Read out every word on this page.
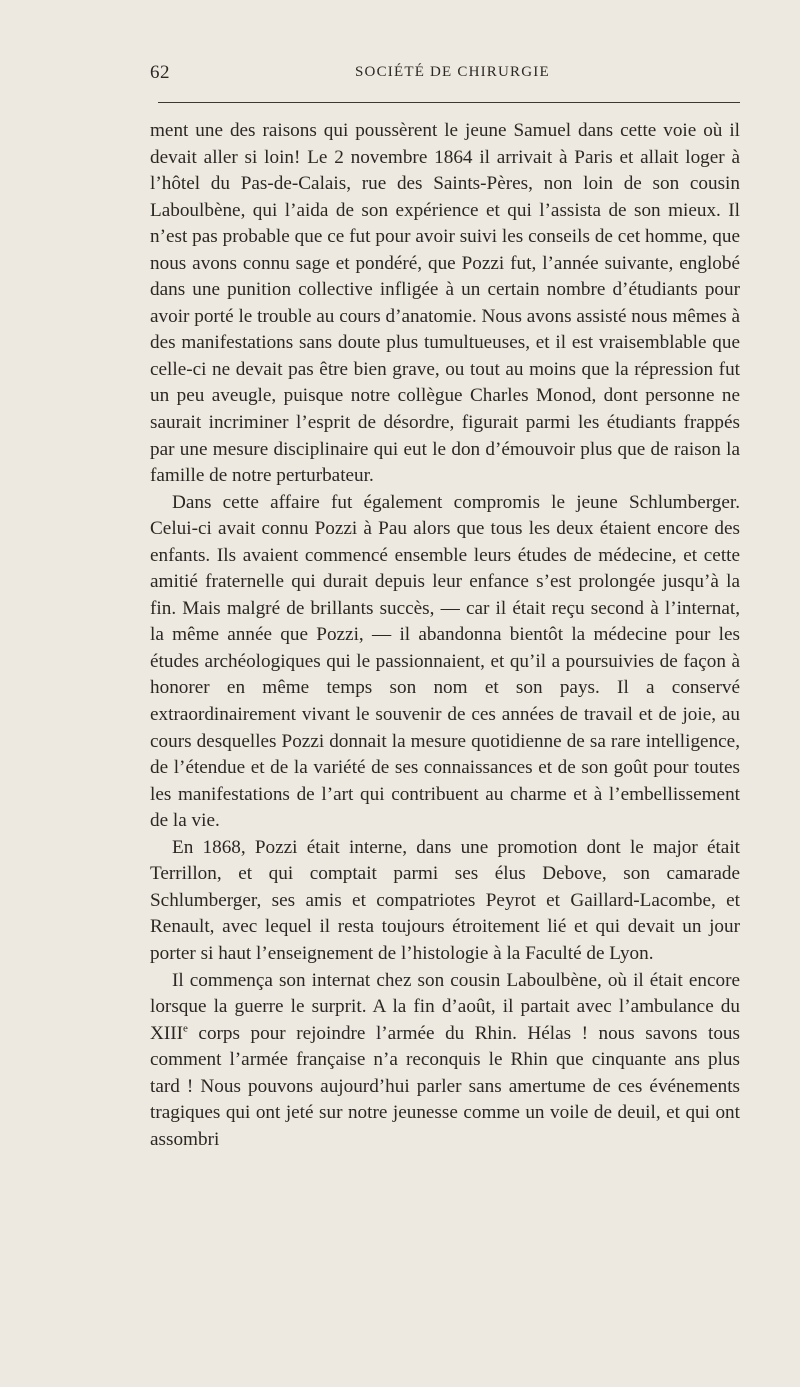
62	SOCIÉTÉ DE CHIRURGIE

ment une des raisons qui poussèrent le jeune Samuel dans cette voie où il devait aller si loin! Le 2 novembre 1864 il arrivait à Paris et allait loger à l’hôtel du Pas-de-Calais, rue des Saints-Pères, non loin de son cousin Laboulbène, qui l’aida de son expérience et qui l’assista de son mieux. Il n’est pas probable que ce fut pour avoir suivi les conseils de cet homme, que nous avons connu sage et pondéré, que Pozzi fut, l’année suivante, englobé dans une punition collective infligée à un certain nombre d’étudiants pour avoir porté le trouble au cours d’anatomie. Nous avons assisté nous mêmes à des manifestations sans doute plus tumultueuses, et il est vraisemblable que celle-ci ne devait pas être bien grave, ou tout au moins que la répression fut un peu aveugle, puisque notre collègue Charles Monod, dont personne ne saurait incriminer l’esprit de désordre, figurait parmi les étudiants frappés par une mesure disciplinaire qui eut le don d’émouvoir plus que de raison la famille de notre perturbateur.

Dans cette affaire fut également compromis le jeune Schlumberger. Celui-ci avait connu Pozzi à Pau alors que tous les deux étaient encore des enfants. Ils avaient commencé ensemble leurs études de médecine, et cette amitié fraternelle qui durait depuis leur enfance s’est prolongée jusqu’à la fin. Mais malgré de brillants succès, — car il était reçu second à l’internat, la même année que Pozzi, — il abandonna bientôt la médecine pour les études archéologiques qui le passionnaient, et qu’il a poursuivies de façon à honorer en même temps son nom et son pays. Il a conservé extraordinairement vivant le souvenir de ces années de travail et de joie, au cours desquelles Pozzi donnait la mesure quotidienne de sa rare intelligence, de l’étendue et de la variété de ses connaissances et de son goût pour toutes les manifestations de l’art qui contribuent au charme et à l’embellissement de la vie.

En 1868, Pozzi était interne, dans une promotion dont le major était Terrillon, et qui comptait parmi ses élus Debove, son camarade Schlumberger, ses amis et compatriotes Peyrot et Gaillard-Lacombe, et Renault, avec lequel il resta toujours étroitement lié et qui devait un jour porter si haut l’enseignement de l’histologie à la Faculté de Lyon.

Il commença son internat chez son cousin Laboulbène, où il était encore lorsque la guerre le surprit. A la fin d’août, il partait avec l’ambulance du XIIIe corps pour rejoindre l’armée du Rhin. Hélas ! nous savons tous comment l’armée française n’a reconquis le Rhin que cinquante ans plus tard ! Nous pouvons aujourd’hui parler sans amertume de ces événements tragiques qui ont jeté sur notre jeunesse comme un voile de deuil, et qui ont assombri
